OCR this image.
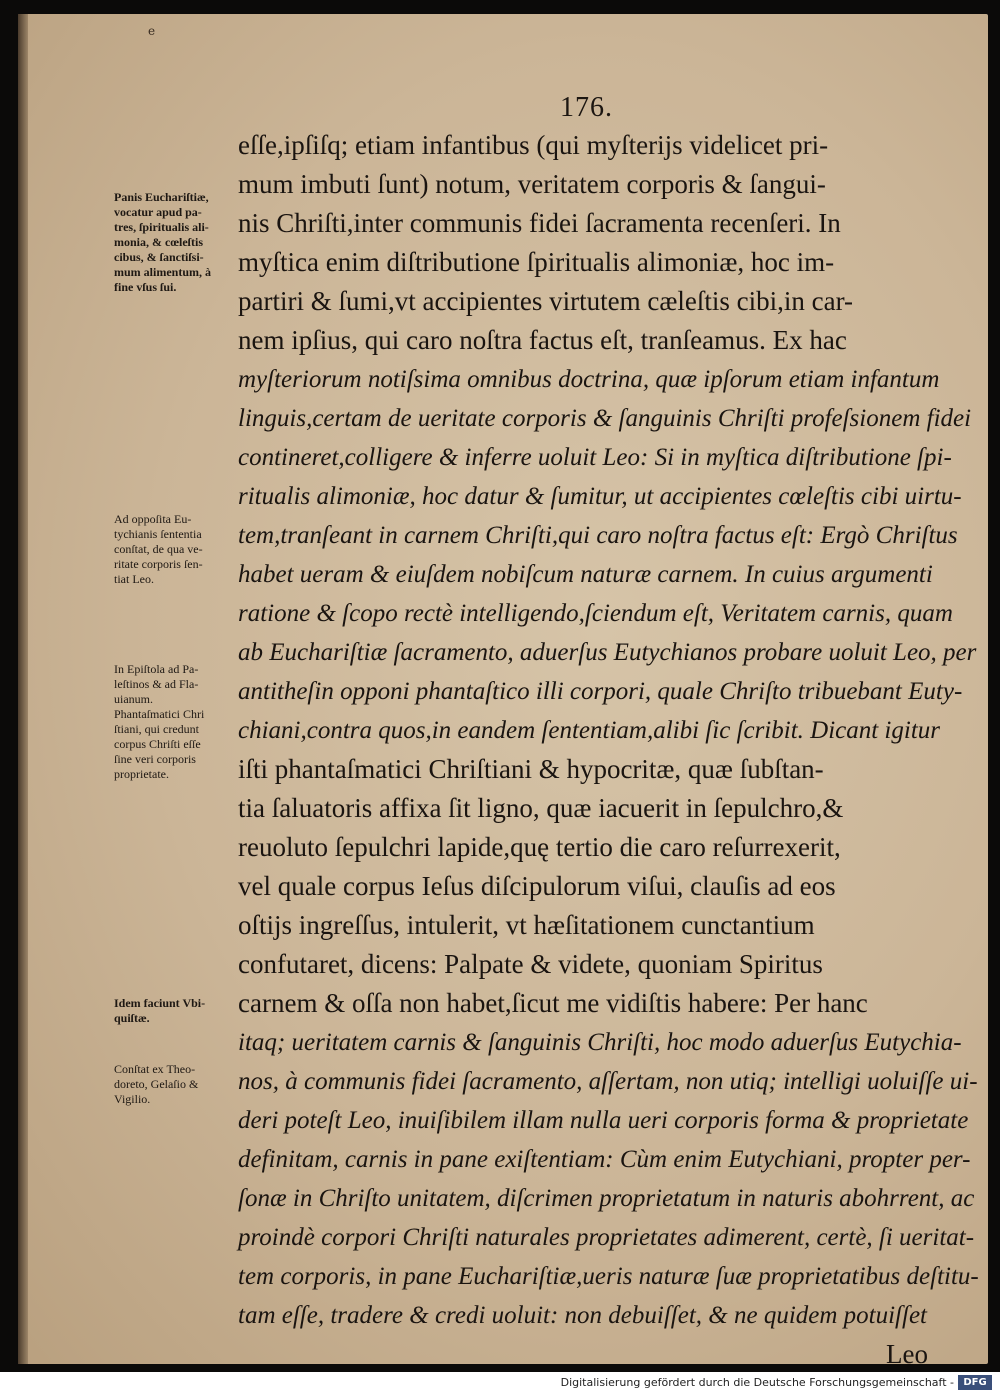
e
176.
eſſe,ipſiſq; etiam infantibus (qui myſterijs videlicet pri-
mum imbuti ſunt) notum, veritatem corporis & ſangui-
nis Chriſti,inter communis fidei ſacramenta recenſeri. In
myſtica enim diſtributione ſpiritualis alimoniæ, hoc im-
partiri & ſumi,vt accipientes virtutem cæleſtis cibi,in car-
nem ipſius, qui caro noſtra factus eſt, tranſeamus. Ex hac
myſteriorum notiſsima omnibus doctrina, quæ ipſorum etiam infantum
linguis,certam de ueritate corporis & ſanguinis Chriſti profeſsionem fidei
contineret,colligere & inferre uoluit Leo: Si in myſtica diſtributione ſpi-
ritualis alimoniæ, hoc datur & ſumitur, ut accipientes cœleſtis cibi uirtu-
tem,tranſeant in carnem Chriſti,qui caro noſtra factus eſt: Ergò Chriſtus
habet ueram & eiuſdem nobiſcum naturæ carnem. In cuius argumenti
ratione & ſcopo rectè intelligendo,ſciendum eſt, Veritatem carnis, quam
ab Euchariſtiæ ſacramento, aduerſus Eutychianos probare uoluit Leo, per
antitheſin opponi phantaſtico illi corpori, quale Chriſto tribuebant Euty-
chiani,contra quos,in eandem ſententiam,alibi ſic ſcribit. Dicant igitur
iſti phantaſmatici Chriſtiani & hypocritæ, quæ ſubſtan-
tia ſaluatoris affixa ſit ligno, quæ iacuerit in ſepulchro,&
reuoluto ſepulchri lapide,quę tertio die caro reſurrexerit,
vel quale corpus Ieſus diſcipulorum viſui, clauſis ad eos
oſtijs ingreſſus, intulerit, vt hæſitationem cunctantium
confutaret, dicens: Palpate & videte, quoniam Spiritus
carnem & oſſa non habet,ſicut me vidiſtis habere: Per hanc
itaq; ueritatem carnis & ſanguinis Chriſti, hoc modo aduerſus Eutychia-
nos, à communis fidei ſacramento, aſſertam, non utiq; intelligi uoluiſſe ui-
deri poteſt Leo, inuiſibilem illam nulla ueri corporis forma & proprietate
definitam, carnis in pane exiſtentiam: Cùm enim Eutychiani, propter per-
ſonæ in Chriſto unitatem, diſcrimen proprietatum in naturis abohrrent, ac
proindè corpori Chriſti naturales proprietates adimerent, certè, ſi ueritat-
tem corporis, in pane Euchariſtiæ,ueris naturæ ſuæ proprietatibus deſtitu-
tam eſſe, tradere & credi uoluit: non debuiſſet, & ne quidem potuiſſet
Leo
Panis Euchariſtiæ,
vocatur apud pa-
tres, ſpiritualis ali-
monia, & cœleſtis
cibus, & ſanctiſsi-
mum alimentum, à
fine vſus ſui.
Ad oppoſita Eu-
tychianis ſententia
conſtat, de qua ve-
ritate corporis ſen-
tiat Leo.
In Epiſtola ad Pa-
leſtinos & ad Fla-
uianum.
Phantaſmatici Chri
ſtiani, qui credunt
corpus Chriſti eſſe
ſine veri corporis
proprietate.
Idem faciunt Vbi-
quiſtæ.
Conſtat ex Theo-
doreto, Gelaſio &
Vigilio.
Digitalisierung gefördert durch die Deutsche Forschungsgemeinschaft - DFG
